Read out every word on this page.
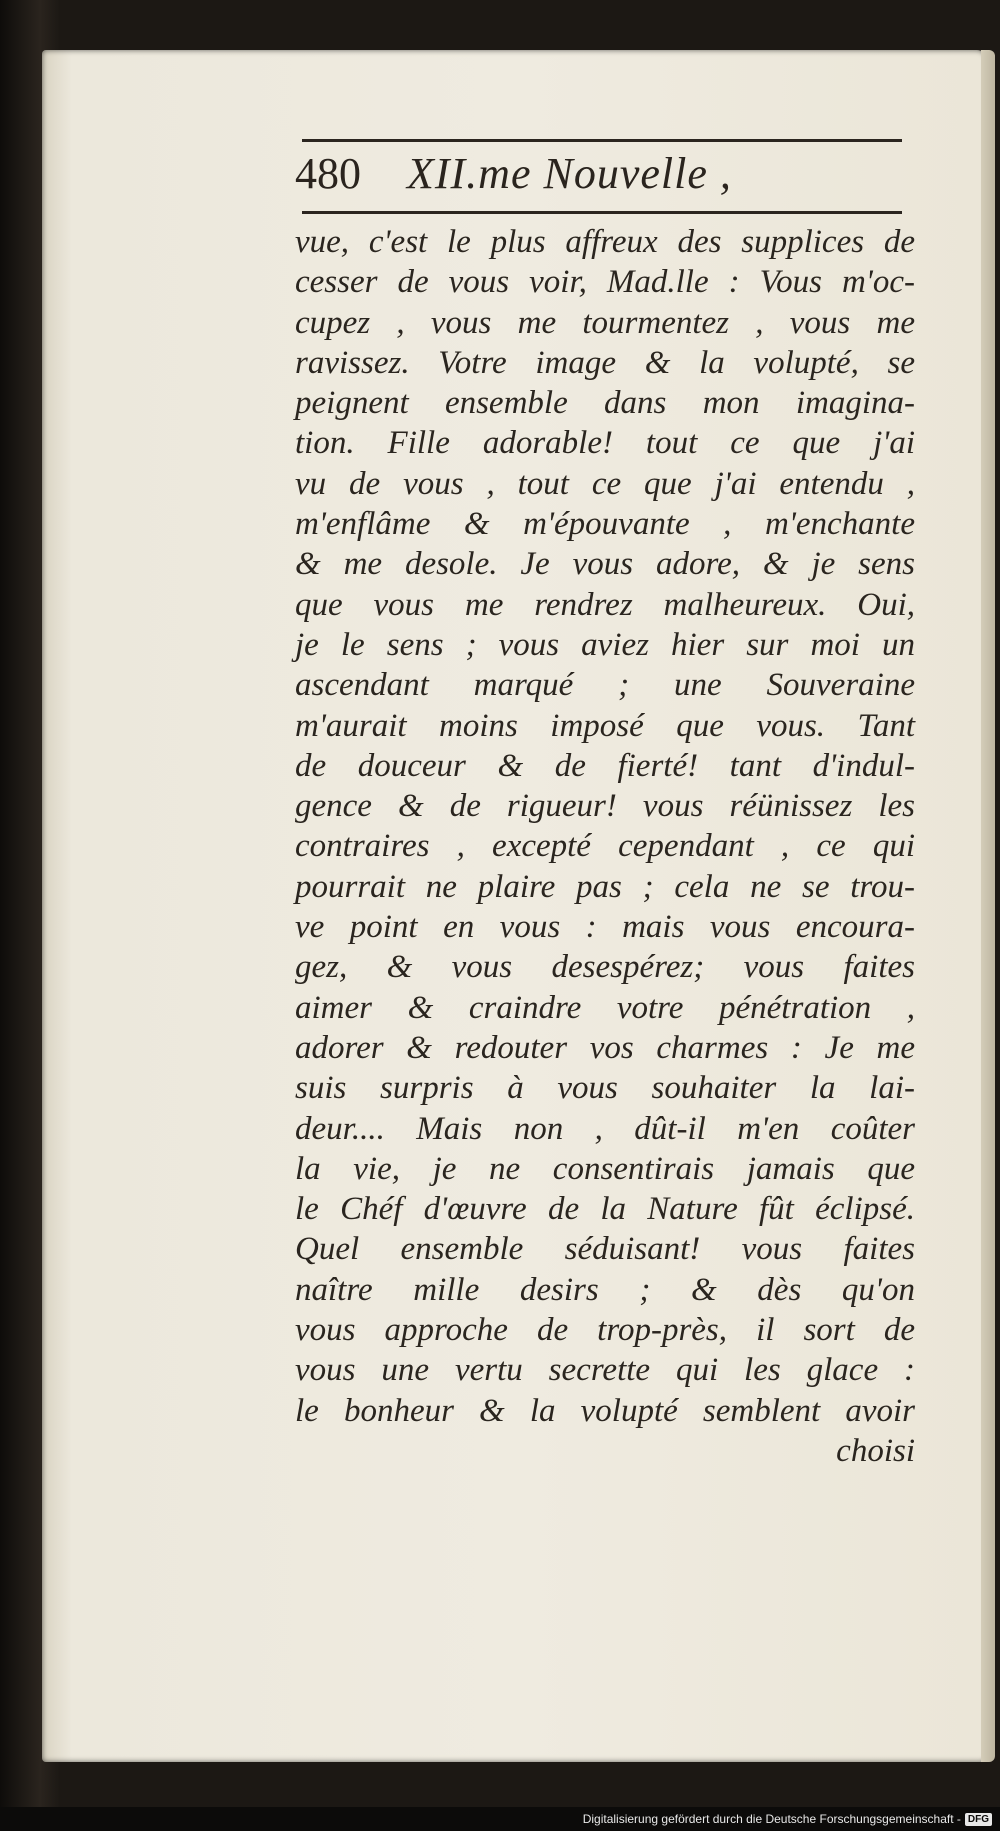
480	XII.me Nouvelle ,
vue, c'est le plus affreux des supplices de
cesser de vous voir, Mad.lle : Vous m'oc-
cupez , vous me tourmentez , vous me
ravissez. Votre image & la volupté, se
peignent ensemble dans mon imagina-
tion. Fille adorable! tout ce que j'ai
vu de vous , tout ce que j'ai entendu ,
m'enflâme & m'épouvante , m'enchante
& me desole. Je vous adore, & je sens
que vous me rendrez malheureux. Oui,
je le sens ; vous aviez hier sur moi un
ascendant marqué ; une Souveraine
m'aurait moins imposé que vous. Tant
de douceur & de fierté! tant d'indul-
gence & de rigueur! vous réünissez les
contraires , excepté cependant , ce qui
pourrait ne plaire pas ; cela ne se trou-
ve point en vous : mais vous encoura-
gez, & vous desespérez; vous faites
aimer & craindre votre pénétration ,
adorer & redouter vos charmes : Je me
suis surpris à vous souhaiter la lai-
deur.... Mais non , dût-il m'en coûter
la vie, je ne consentirais jamais que
le Chéf d'œuvre de la Nature fût éclipsé.
Quel ensemble séduisant! vous faites
naître mille desirs ; & dès qu'on
vous approche de trop-près, il sort de
vous une vertu secrette qui les glace :
le bonheur & la volupté semblent avoir
choisi
Digitalisierung gefördert durch die Deutsche Forschungsgemeinschaft - DFG
